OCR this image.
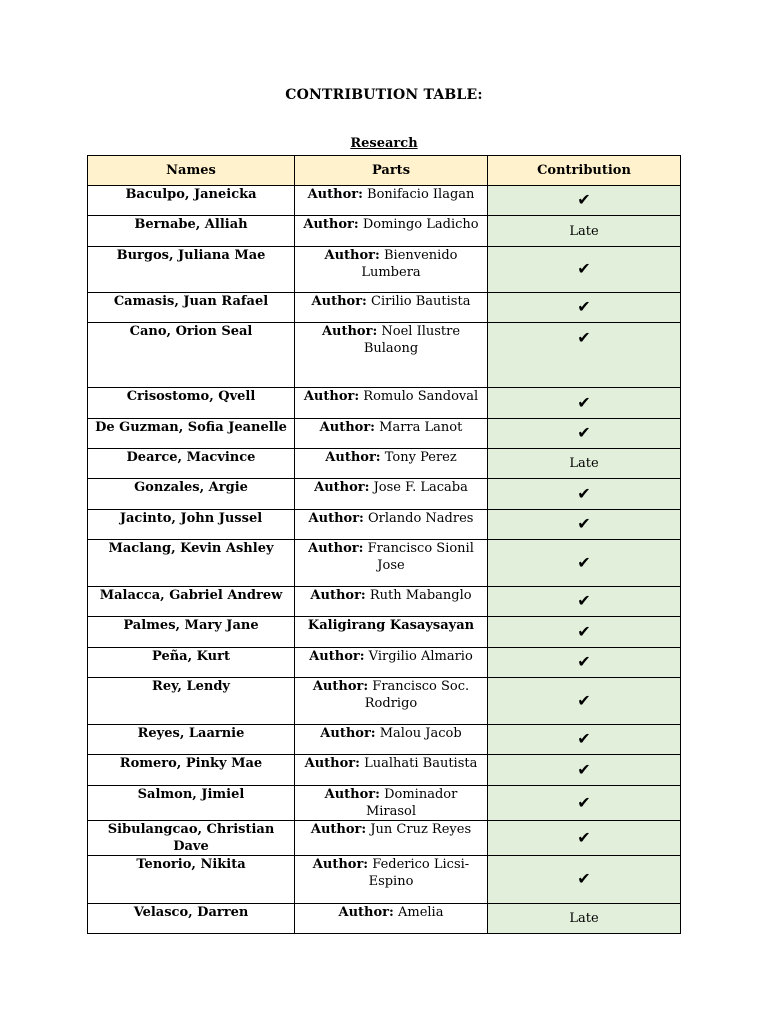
CONTRIBUTION TABLE:
Research
Names	Parts	Contribution
Baculpo, Janeicka	Author: Bonifacio Ilagan	✔
Bernabe, Alliah	Author: Domingo Ladicho	Late
Burgos, Juliana Mae	Author: Bienvenido Lumbera	✔
Camasis, Juan Rafael	Author: Cirilio Bautista	✔
Cano, Orion Seal	Author: Noel Ilustre Bulaong	✔
Crisostomo, Qvell	Author: Romulo Sandoval	✔
De Guzman, Sofia Jeanelle	Author: Marra Lanot	✔
Dearce, Macvince	Author: Tony Perez	Late
Gonzales, Argie	Author: Jose F. Lacaba	✔
Jacinto, John Jussel	Author: Orlando Nadres	✔
Maclang, Kevin Ashley	Author: Francisco Sionil Jose	✔
Malacca, Gabriel Andrew	Author: Ruth Mabanglo	✔
Palmes, Mary Jane	Kaligirang Kasaysayan	✔
Peña, Kurt	Author: Virgilio Almario	✔
Rey, Lendy	Author: Francisco Soc. Rodrigo	✔
Reyes, Laarnie	Author: Malou Jacob	✔
Romero, Pinky Mae	Author: Lualhati Bautista	✔
Salmon, Jimiel	Author: Dominador Mirasol	✔
Sibulangcao, Christian Dave	Author: Jun Cruz Reyes	✔
Tenorio, Nikita	Author: Federico Licsi-Espino	✔
Velasco, Darren	Author: Amelia	Late
